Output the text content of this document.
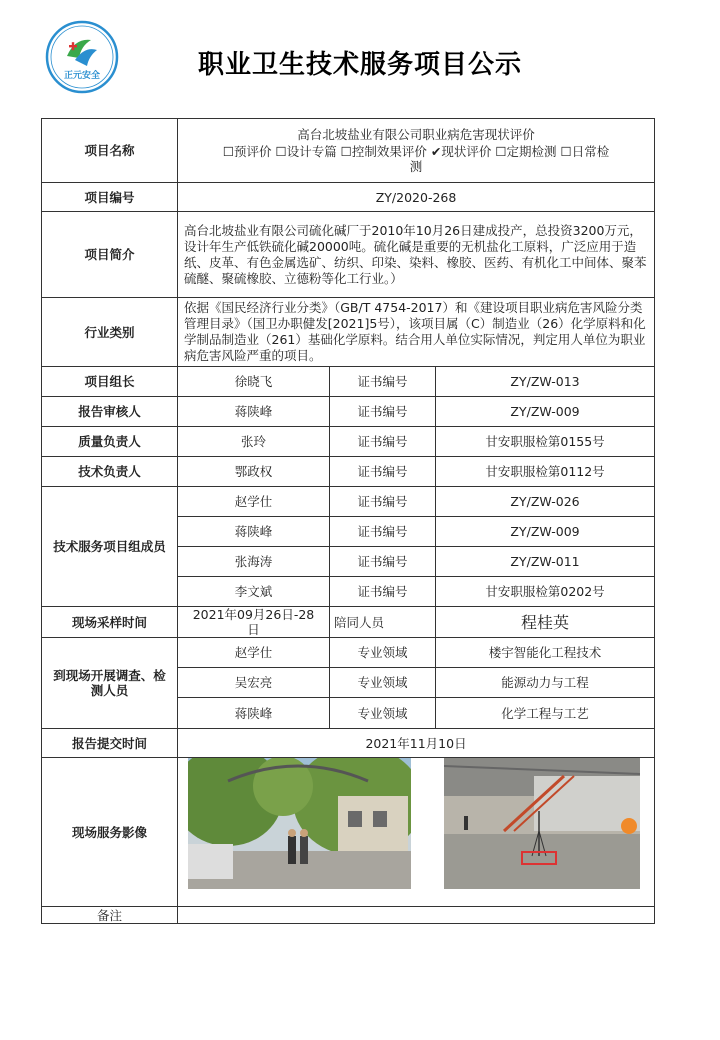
正元安全	职业卫生技术服务项目公示
项目名称	高台北坡盐业有限公司职业病危害现状评价
☐预评价 ☐设计专篇 ☐控制效果评价 ✔现状评价 ☐定期检测 ☐日常检
测		

项目编号	ZY/2020-268		
项目简介	高台北坡盐业有限公司硫化碱厂于2010年10月26日建成投产，总投资3200万元，设计年生产低铁硫化碱20000吨。硫化碱是重要的无机盐化工原料，广泛应用于造纸、皮革、有色金属选矿、纺织、印染、染料、橡胶、医药、有机化工中间体、聚苯硫醚、聚硫橡胶、立德粉等化工行业。）		
行业类别	依据《国民经济行业分类》（GB/T 4754-2017）和《建设项目职业病危害风险分类管理目录》（国卫办职健发[2021]5号），该项目属（C）制造业（26）化学原料和化学制品制造业（261）基础化学原料。结合用人单位实际情况，判定用人单位为职业病危害风险严重的项目。		
项目组长	徐晓飞	证书编号	ZY/ZW-013
报告审核人	蒋陕峰	证书编号	ZY/ZW-009
质量负责人	张玲	证书编号	甘安职服检第0155号
技术负责人	鄂政权	证书编号	甘安职服检第0112号
技术服务项目组成员	赵学仕	证书编号	ZY/ZW-026
	蒋陕峰	证书编号	ZY/ZW-009
	张海涛	证书编号	ZY/ZW-011
	李文斌	证书编号	甘安职服检第0202号
现场采样时间	2021年09月26日-28
日	陪同人员	程桂英

到现场开展调查、检
测人员	赵学仕	专业领域	楼宇智能化工程技术
	吴宏亮	专业领域	能源动力与工程
	蒋陕峰	专业领域	化学工程与工艺
报告提交时间	2021年11月10日		
现场服务影像	

备注			
